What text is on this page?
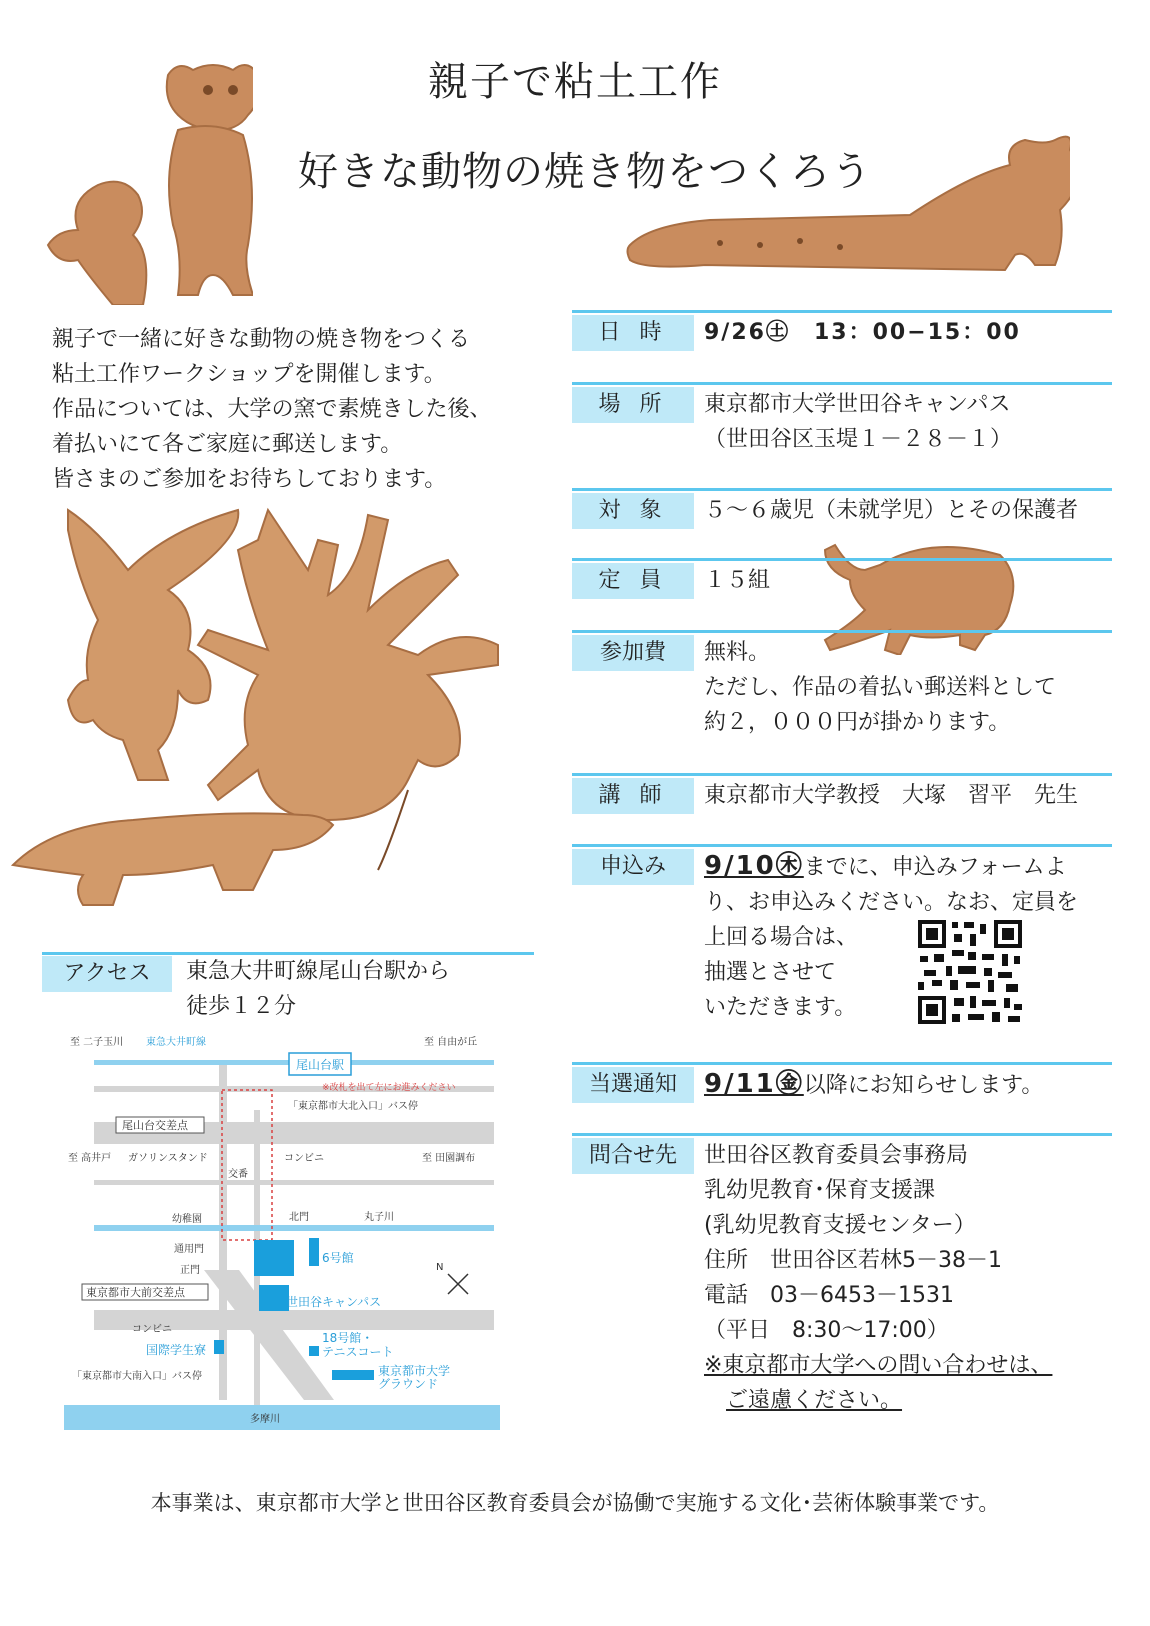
親子で粘土工作
好きな動物の焼き物をつくろう
親子で一緒に好きな動物の焼き物をつくる
粘土工作ワークショップを開催します。
作品については、大学の窯で素焼きした後、
着払いにて各ご家庭に郵送します。
皆さまのご参加をお待ちしております。
日 時	9/26㊏　13：00−15：00
場 所	東京都市大学世田谷キャンパス
（世田谷区玉堤１－２８－１）
対 象	５～６歳児（未就学児）とその保護者
定 員	１５組
参加費	無料。
ただし、作品の着払い郵送料として
約２，０００円が掛かります。
講 師	東京都市大学教授　大塚　習平　先生
申込み	9/10㊍までに、申込みフォームよ
り、お申込みください。なお、定員を
上回る場合は、
抽選とさせて
いただきます。
当選通知	9/11㊎以降にお知らせします。
問合せ先	世田谷区教育委員会事務局
乳幼児教育･保育支援課
(乳幼児教育支援センター）
住所　世田谷区若林5－38－1
電話　03－6453－1531
（平日　8:30～17:00）
※東京都市大学への問い合わせは、
　ご遠慮ください。
アクセス	東急大井町線尾山台駅から
徒歩１２分
至 二子玉川 東急大井町線
尾山台駅
至 自由が丘
※改札を出て左にお進みください
「東京都市大北入口」バス停
尾山台交差点
至 高井戸 ガソリンスタンド
交番
コンビニ	至 田園調布
幼稚園	北門	丸子川
通用門
正門
6号館
東京都市大前交差点
世田谷キャンパス
コンビニ
国際学生寮
18号館・
テニスコート
「東京都市大南入口」バス停	東京都市大学
グラウンド
多摩川
N
本事業は、東京都市大学と世田谷区教育委員会が協働で実施する文化･芸術体験事業です。
